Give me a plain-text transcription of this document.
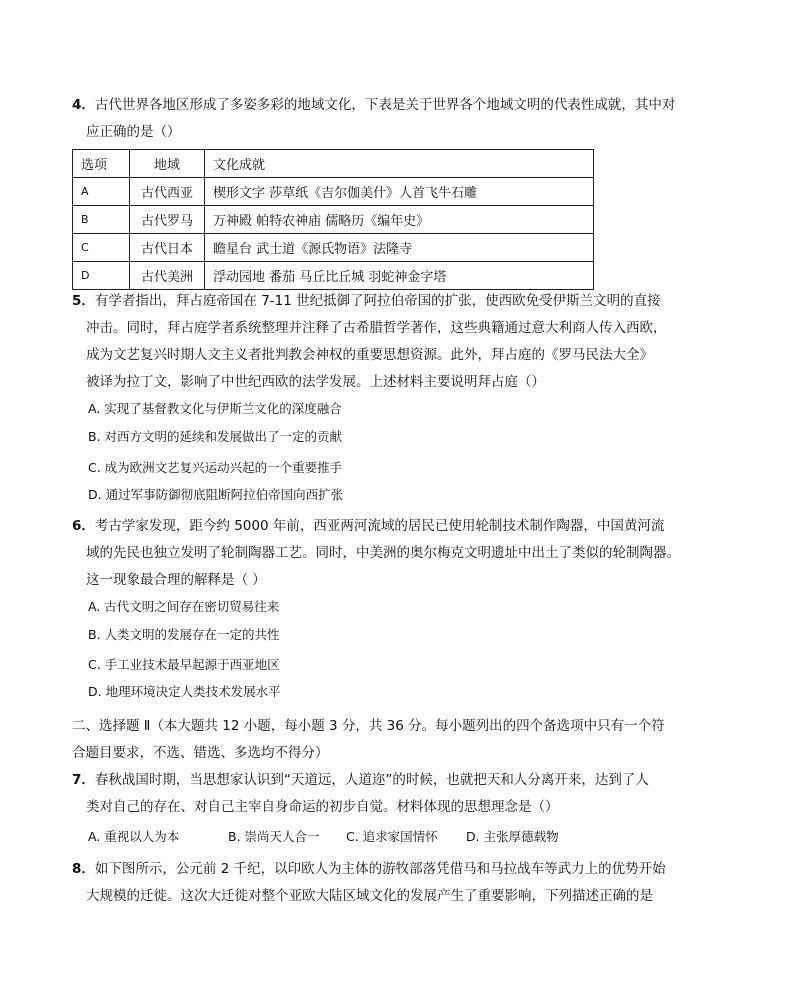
4．古代世界各地区形成了多姿多彩的地域文化，下表是关于世界各个地域文明的代表性成就，其中对
应正确的是（）
选项	地域	文化成就
A	古代西亚	楔形文字 莎草纸《吉尔伽美什》人首飞牛石雕
B	古代罗马	万神殿 帕特农神庙 儒略历《编年史》
C	古代日本	瞻星台 武士道《源氏物语》法隆寺
D	古代美洲	浮动园地 番茄 马丘比丘城 羽蛇神金字塔
5．有学者指出，拜占庭帝国在 7-11 世纪抵御了阿拉伯帝国的扩张，使西欧免受伊斯兰文明的直接
冲击。同时，拜占庭学者系统整理并注释了古希腊哲学著作，这些典籍通过意大利商人传入西欧，
成为文艺复兴时期人文主义者批判教会神权的重要思想资源。此外，拜占庭的《罗马民法大全》
被译为拉丁文，影响了中世纪西欧的法学发展。上述材料主要说明拜占庭（）
A. 实现了基督教文化与伊斯兰文化的深度融合
B. 对西方文明的延续和发展做出了一定的贡献
C. 成为欧洲文艺复兴运动兴起的一个重要推手
D. 通过军事防御彻底阻断阿拉伯帝国向西扩张
6．考古学家发现，距今约 5000 年前，西亚两河流域的居民已使用轮制技术制作陶器，中国黄河流
域的先民也独立发明了轮制陶器工艺。同时，中美洲的奥尔梅克文明遗址中出土了类似的轮制陶器。
这一现象最合理的解释是（ ）
A. 古代文明之间存在密切贸易往来
B. 人类文明的发展存在一定的共性
C. 手工业技术最早起源于西亚地区
D. 地理环境决定人类技术发展水平
二、选择题 Ⅱ（本大题共 12 小题，每小题 3 分，共 36 分。每小题列出的四个备选项中只有一个符
合题目要求，不选、错选、多选均不得分）
7．春秋战国时期，当思想家认识到“天道远，人道迩”的时候，也就把天和人分离开来，达到了人
类对自己的存在、对自己主宰自身命运的初步自觉。材料体现的思想理念是（）
A. 重视以人为本	B. 崇尚天人合一 C. 追求家国情怀 D. 主张厚德载物
8．如下图所示，公元前 2 千纪，以印欧人为主体的游牧部落凭借马和马拉战车等武力上的优势开始
大规模的迁徙。这次大迁徙对整个亚欧大陆区域文化的发展产生了重要影响，下列描述正确的是
